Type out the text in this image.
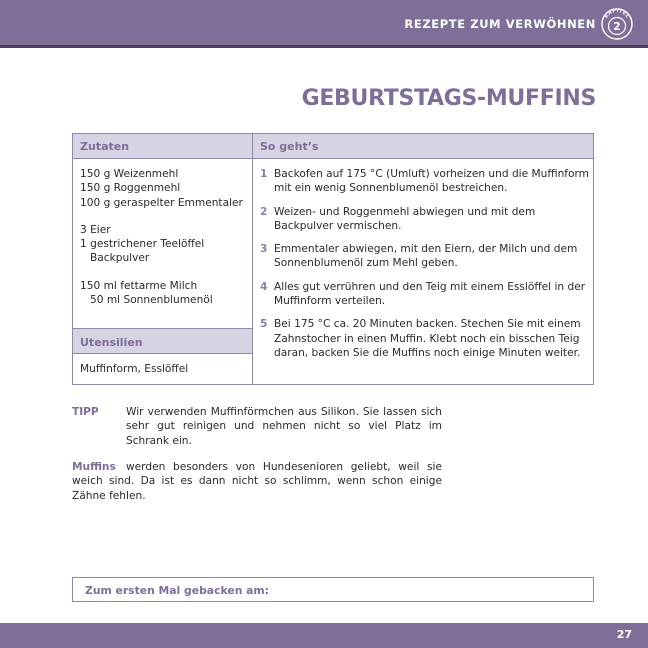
REZEPTE ZUM VERWÖHNEN
KAPITEL
2
GEBURTSTAGS-MUFFINS
Zutaten
150 g Weizenmehl
150 g Roggenmehl
100 g geraspelter Emmentaler
3 Eier
1 gestrichener Teelöffel
Backpulver
150 ml fettarme Milch
50 ml Sonnenblumenöl
Utensilien
Muffinform, Esslöffel
So geht’s
1 Backofen auf 175 °C (Umluft) vorheizen und die Muffinform mit ein wenig Sonnenblumenöl bestreichen.
2 Weizen- und Roggenmehl abwiegen und mit dem Backpulver vermischen.
3 Emmentaler abwiegen, mit den Eiern, der Milch und dem Sonnenblumenöl zum Mehl geben.
4 Alles gut verrühren und den Teig mit einem Esslöffel in der Muffinform verteilen.
5 Bei 175 °C ca. 20 Minuten backen. Stechen Sie mit einem Zahnstocher in einen Muffin. Klebt noch ein bisschen Teig daran, backen Sie die Muffins noch einige Minuten weiter.
TIPP	Wir verwenden Muffinförmchen aus Silikon. Sie lassen sich sehr gut reinigen und nehmen nicht so viel Platz im Schrank ein.
Muffins werden besonders von Hundesenioren geliebt, weil sie weich sind. Da ist es dann nicht so schlimm, wenn schon einige Zähne fehlen.
Zum ersten Mal gebacken am:
27
